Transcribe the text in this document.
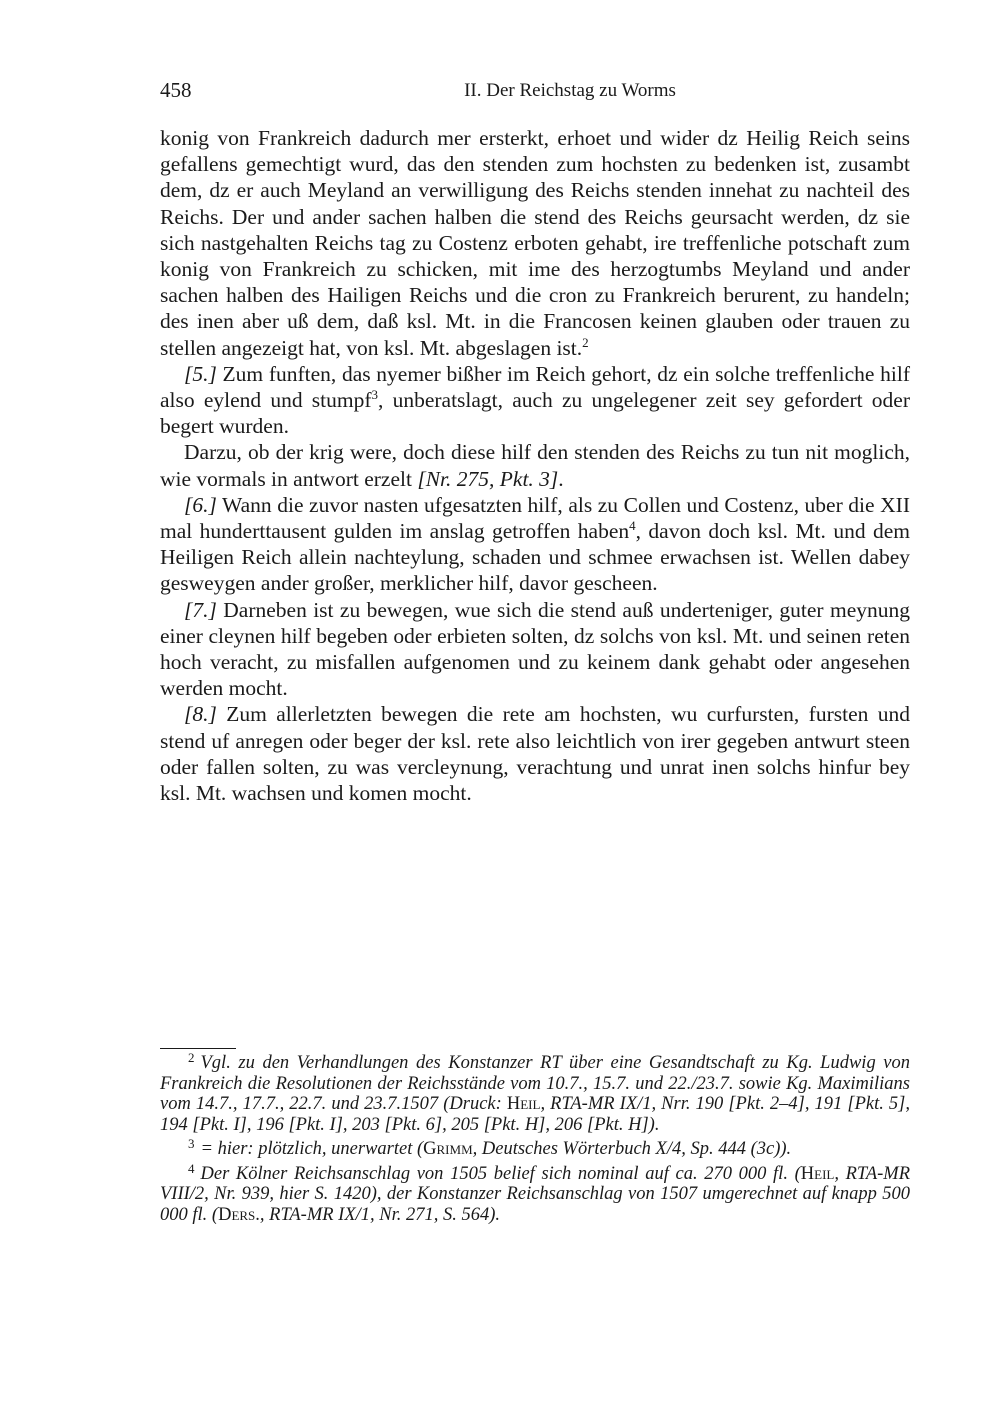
458	II. Der Reichstag zu Worms

konig von Frankreich dadurch mer ersterkt, erhoet und wider dz Heilig Reich seins gefallens gemechtigt wurd, das den stenden zum hochsten zu bedenken ist, zusambt dem, dz er auch Meyland an verwilligung des Reichs stenden innehat zu nachteil des Reichs. Der und ander sachen halben die stend des Reichs geursacht werden, dz sie sich nastgehalten Reichs tag zu Costenz erboten gehabt, ire treffenliche potschaft zum konig von Frankreich zu schicken, mit ime des herzogtumbs Meyland und ander sachen halben des Hailigen Reichs und die cron zu Frankreich berurent, zu handeln; des inen aber uß dem, daß ksl. Mt. in die Francosen keinen glauben oder trauen zu stellen angezeigt hat, von ksl. Mt. abgeslagen ist.$^2$

[5.] Zum funften, das nyemer bißher im Reich gehort, dz ein solche treffenliche hilf also eylend und stumpf$^3$, unberatslagt, auch zu ungelegener zeit sey gefordert oder begert wurden.

Darzu, ob der krig were, doch diese hilf den stenden des Reichs zu tun nit moglich, wie vormals in antwort erzelt [Nr. 275, Pkt. 3].

[6.] Wann die zuvor nasten ufgesatzten hilf, als zu Collen und Costenz, uber die XII mal hunderttausent gulden im anslag getroffen haben$^4$, davon doch ksl. Mt. und dem Heiligen Reich allein nachteylung, schaden und schmee erwachsen ist. Wellen dabey gesweygen ander großer, merklicher hilf, davor gescheen.

[7.] Darneben ist zu bewegen, wue sich die stend auß underteniger, guter meynung einer cleynen hilf begeben oder erbieten solten, dz solchs von ksl. Mt. und seinen reten hoch veracht, zu misfallen aufgenomen und zu keinem dank gehabt oder angesehen werden mocht.

[8.] Zum allerletzten bewegen die rete am hochsten, wu curfursten, fursten und stend uf anregen oder beger der ksl. rete also leichtlich von irer gegeben antwurt steen oder fallen solten, zu was vercleynung, verachtung und unrat inen solchs hinfur bey ksl. Mt. wachsen und komen mocht.

$^2$ Vgl. zu den Verhandlungen des Konstanzer RT über eine Gesandtschaft zu Kg. Ludwig von Frankreich die Resolutionen der Reichsstände vom 10.7., 15.7. und 22./23.7. sowie Kg. Maximilians vom 14.7., 17.7., 22.7. und 23.7.1507 (Druck: Heil, RTA-MR IX/1, Nrr. 190 [Pkt. 2–4], 191 [Pkt. 5], 194 [Pkt. I], 196 [Pkt. I], 203 [Pkt. 6], 205 [Pkt. H], 206 [Pkt. H]).

$^3$ = hier: plötzlich, unerwartet (Grimm, Deutsches Wörterbuch X/4, Sp. 444 (3c)).

$^4$ Der Kölner Reichsanschlag von 1505 belief sich nominal auf ca. 270 000 fl. (Heil, RTA-MR VIII/2, Nr. 939, hier S. 1420), der Konstanzer Reichsanschlag von 1507 umgerechnet auf knapp 500 000 fl. (Ders., RTA-MR IX/1, Nr. 271, S. 564).
